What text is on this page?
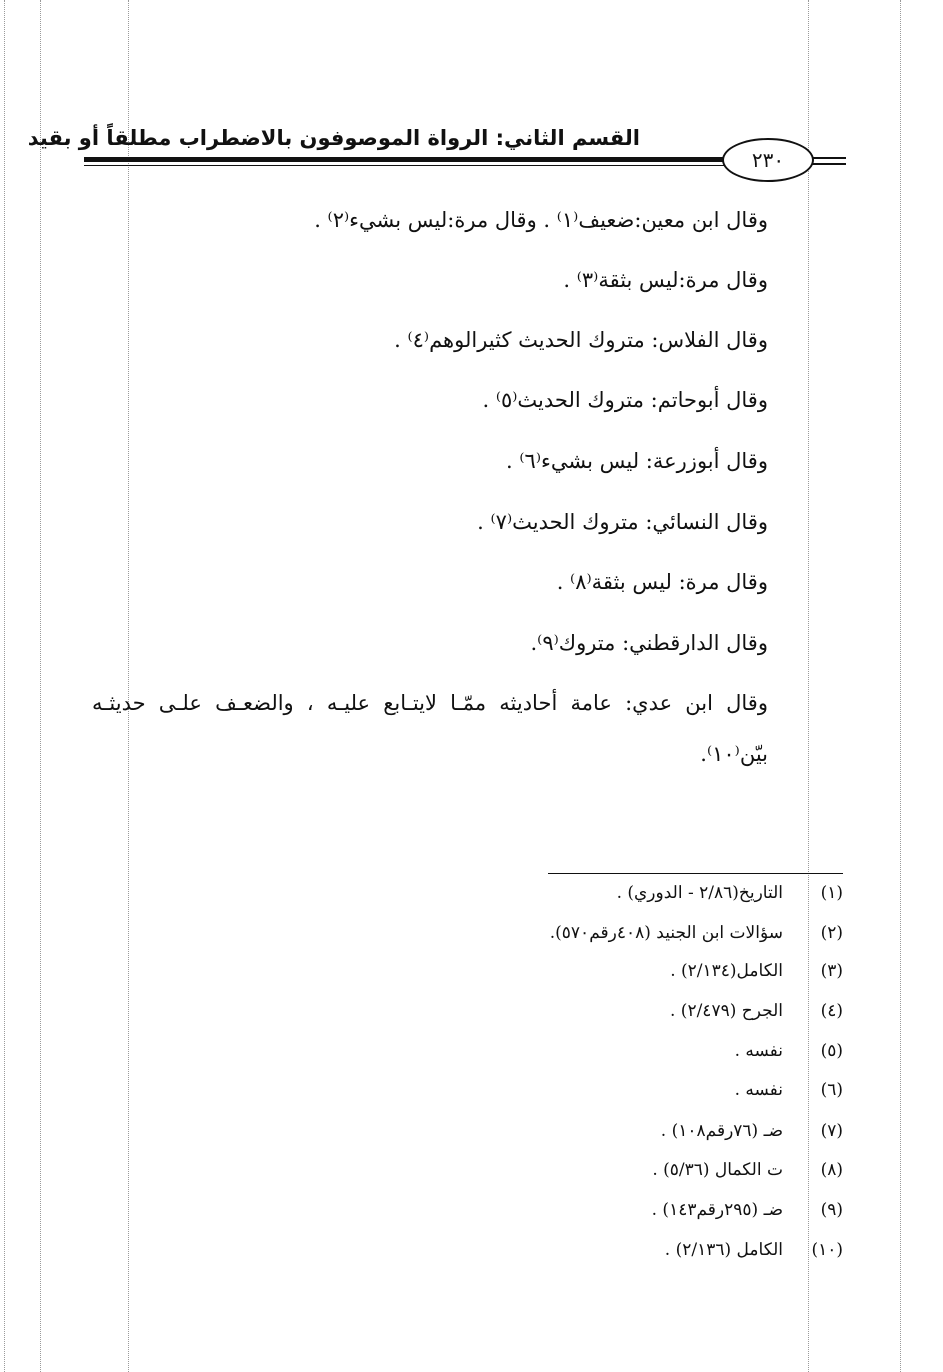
القسم الثاني: الرواة الموصوفون بالاضطراب مطلقاً أو بقيد
٢٣٠
وقال ابن معين:ضعيف⁽١⁾ . وقال مرة:ليس بشيء⁽٢⁾ .
وقال مرة:ليس بثقة⁽٣⁾ .
وقال الفلاس: متروك الحديث كثيرالوهم⁽٤⁾ .
وقال أبوحاتم: متروك الحديث⁽٥⁾ .
وقال أبوزرعة: ليس بشيء⁽٦⁾ .
وقال النسائي: متروك الحديث⁽٧⁾ .
وقال مرة: ليس بثقة⁽٨⁾ .
وقال الدارقطني: متروك⁽٩⁾.
وقال ابن عدي: عامة أحاديثه ممّـا لايتـابع عليـه ، والضعـف علـى حديثـه
بيّن⁽١٠⁾.
(١)التاريخ(٢/٨٦ - الدوري) .
(٢)سؤالات ابن الجنيد (٤٠٨رقم٥٧٠).
(٣)الكامل(٢/١٣٤) .
(٤)الجرح (٢/٤٧٩) .
(٥)نفسه .
(٦)نفسه .
(٧)ضـ (٧٦رقم١٠٨) .
(٨)ت الكمال (٥/٣٦) .
(٩)ضـ (٢٩٥رقم١٤٣) .
(١٠)الكامل (٢/١٣٦) .
